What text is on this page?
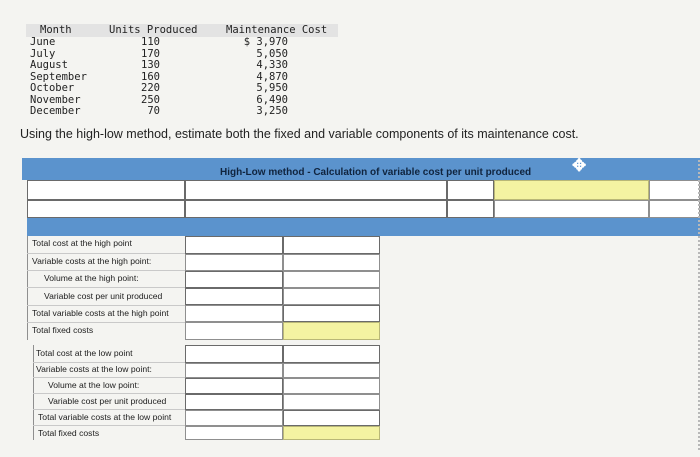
Month	Units Produced	Maintenance Cost
June	110	$ 3,970
July	170	5,050
August	130	4,330
September	160	4,870
October	220	5,950
November	250	6,490
December	70	3,250
Using the high-low method, estimate both the fixed and variable components of its maintenance cost.
High-Low method - Calculation of variable cost per unit produced ✥
Total cost at the high point
Variable costs at the high point:
Volume at the high point:
Variable cost per unit produced
Total variable costs at the high point
Total fixed costs
Total cost at the low point
Variable costs at the low point:
Volume at the low point:
Variable cost per unit produced
Total variable costs at the low point
Total fixed costs
